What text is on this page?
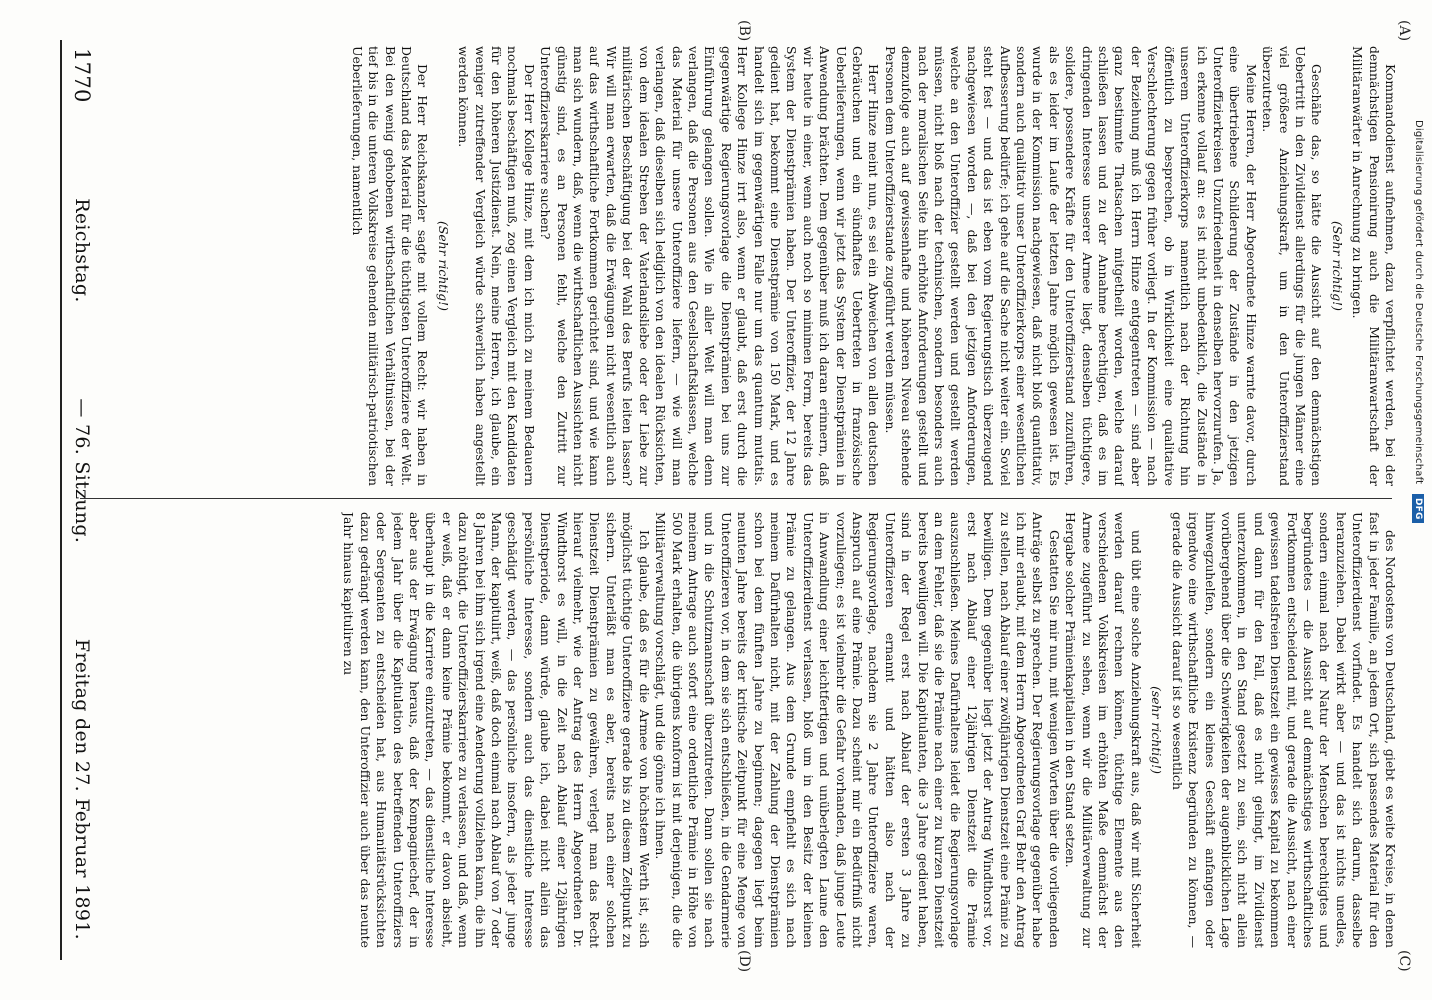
(A)
(B)
(C)
(D)

Kommandodienst aufnehmen, dazu verpflichtet werden, bei der demnächstigen Pensionirung auch die Militäranwartschaft der Militäranwärter in Anrechnung zu bringen.

(Sehr richtig!)

Geschähe das, so hätte die Aussicht auf den demnächstigen Uebertritt in den Zivildienst allerdings für die jungen Männer eine viel größere Anziehungskraft, um in den Unteroffizierstand überzutreten.

Meine Herren, der Herr Abgeordnete Hinze warnte davor, durch eine übertriebene Schilderung der Zustände in den jetzigen Unteroffizierkreisen Unzufriedenheit in denselben hervorzurufen. Ja, ich erkenne vollauf an: es ist nicht unbedenklich, die Zustände in unserem Unteroffizierkorps namentlich nach der Richtung hin öffentlich zu besprechen, ob in Wirklichkeit eine qualitative Verschlechterung gegen früher vorliegt. In der Kommission — nach der Beziehung muß ich Herrn Hinze entgegentreten — sind aber ganz bestimmte Thatsachen mitgetheilt worden, welche darauf schließen lassen und zu der Annahme berechtigen, daß es im dringenden Interesse unserer Armee liegt, denselben tüchtigere, solidere, possendere Kräfte für den Unteroffizierstand zuzuführen, als es leider im Laufe der letzten Jahre möglich gewesen ist. Es wurde in der Kommission nachgewiesen, daß nicht bloß quantitativ, sondern auch qualitativ unser Unteroffizierkorps einer wesentlichen Aufbesserung bedürfe; ich gehe auf die Sache nicht weiter ein. Soviel steht fest — und das ist eben vom Regierungstisch überzeugend nachgewiesen worden —, daß bei den jetzigen Anforderungen, welche an den Unteroffizier gestellt werden und gestellt werden müssen, nicht bloß nach der technischen, sondern besonders auch nach der moralischen Seite hin erhöhte Anforderungen gestellt und demzufolge auch auf gewissenhafte und höheren Niveau stehende Personen dem Unteroffizierstande zugeführt werden müssen.

Herr Hinze meint nun, es sei ein Abweichen von allen deutschen Gebräuchen und ein sündhaftes Uebertreten in französische Ueberlieferungen, wenn wir jetzt das System der Dienstprämien in Anwendung brächten. Dem gegenüber muß ich daran erinnern, daß wir heute in einer, wenn auch noch so minimen Form, bereits das System der Dienstprämien haben. Der Unteroffizier, der 12 Jahre gedient hat, bekommt eine Dienstprämie von 150 Mark, und es handelt sich im gegenwärtigen Falle nur um das quantum mutatis. Herr Kollege Hinze irrt also, wenn er glaubt, daß erst durch die gegenwärtige Regierungsvorlage die Dienstprämien bei uns zur Einführung gelangen sollen. Wie in aller Welt will man denn verlangen, daß die Personen aus den Gesellschaftsklassen, welche das Material für unsere Unteroffiziere liefern, — wie will man verlangen, daß dieselben sich lediglich von den idealen Rücksichten, von dem idealen Streben der Vaterlandsliebe oder der Liebe zur militärischen Beschäftigung bei der Wahl des Berufs leiten lassen? Wir will man erwarten, daß die Erwägungen nicht wesentlich auch auf das wirthschaftliche Fortkommen gerichtet sind, und wie kann man sich wundern, daß, wenn die wirthschaftlichen Aussichten nicht günstig sind, es an Personen fehlt, welche den Zutritt zur Unteroffizierskarriere suchen?

Der Herr Kollege Hinze, mit dem ich mich zu meinem Bedauern nochmals beschäftigen muß, zog einen Vergleich mit den Kandidaten für den höheren Justizdienst. Nein, meine Herren, ich glaube, ein weniger zutreffender Vergleich würde schwerlich haben angestellt werden können.

(Sehr richtig!)

Der Herr Reichskanzler sagte mit vollem Recht: wir haben in Deutschland das Material für die tüchtigsten Unteroffiziere der Welt. Bei den wenig gehobenen wirthschaftlichen Verhältnissen, bei der tief bis in die unteren Volkskreise gehenden militärisch-patriotischen Ueberlieferungen, namentlich

des Nordostens von Deutschland, giebt es weite Kreise, in denen fast in jeder Familie, an jedem Ort, sich passendes Material für den Unteroffizierdienst vorfindet. Es handelt sich darum, dasselbe heranzuziehen. Dabei wirkt aber — und das ist nichts unedles, sondern einmal nach der Natur der Menschen berechtigtes und begründetes — die Aussicht auf demnächstiges wirthschaftliches Fortkommen entscheidend mit, und gerade die Aussicht, nach einer gewissen tadelsfreien Dienstzeit ein gewisses Kapital zu bekommen und dann für den Fall, daß es nicht gelingt, im Zivildienst unterzukommen, in den Stand gesetzt zu sein, sich nicht allein vorübergehend über die Schwierigkeiten der augenblicklichen Lage hinwegzuhelfen, sondern ein kleines Geschäft anfangen oder irgendwo eine wirthschaftliche Existenz begründen zu können, — gerade die Aussicht darauf ist so wesentlich

(sehr richtig!)

und übt eine solche Anziehungskraft aus, daß wir mit Sicherheit werden darauf rechnen können, tüchtige Elemente aus den verschiedenen Volkskreisen im erhöhten Maße demnächst der Armee zugeführt zu sehen, wenn wir die Militärverwaltung zur Hergabe solcher Prämienkapitalien in den Stand setzen.

Gestatten Sie mir nun, mit wenigen Worten über die vorliegenden Anträge selbst zu sprechen. Der Regierungsvorlage gegenüber habe ich mir erlaubt, mit dem Herrn Abgeordneten Graf Behr den Antrag zu stellen, nach Ablauf einer zwölfjährigen Dienstzeit eine Prämie zu bewilligen. Dem gegenüber liegt jetzt der Antrag Windthorst vor, erst nach Ablauf einer 12jährigen Dienstzeit die Prämie auszuschließen. Meines Dafürhaltens leidet die Regierungsvorlage an dem Fehler, daß sie die Prämie nach einer zu kurzen Dienstzeit bereits bewilligen will. Die Kapitulanten, die 3 Jahre gedient haben, sind in der Regel erst nach Ablauf der ersten 3 Jahre zu Unteroffizieren ernannt und hätten also nach der Regierungsvorlage, nachdem sie 2 Jahre Unteroffiziere waren, Anspruch auf eine Prämie. Dazu scheint mir ein Bedürfniß nicht vorzuliegen; es ist vielmehr die Gefahr vorhanden, daß junge Leute in Anwandlung einer leichtfertigen und unüberlegten Laune den Unteroffizierdienst verlassen, bloß um in den Besitz der kleinen Prämie zu gelangen. Aus dem Grunde empfiehlt es sich nach meinem Dafürhalten nicht, mit der Zahlung der Dienstprämien schon bei dem fünften Jahre zu beginnen; dagegen liegt beim neunten Jahre bereits der kritische Zeitpunkt für eine Menge von Unteroffizieren vor, in dem sie sich entschließen, in die Gendarmerie und in die Schutzmannschaft überzutreten. Dann sollen sie nach meinem Antrage auch sofort eine ordentliche Prämie in Höhe von 500 Mark erhalten, die übrigens konform ist mit derjenigen, die die Militärverwaltung vorschlägt, und die gönne ich ihnen.

Ich glaube, daß es für die Armee von höchstem Werth ist, sich möglichst tüchtige Unteroffiziere gerade bis zu diesem Zeitpunkt zu sichern. Unterläßt man es aber, bereits nach einer solchen Dienstzeit Dienstprämien zu gewähren, verlegt man das Recht hierauf vielmehr, wie der Antrag des Herrn Abgeordneten Dr. Windthorst es will, in die Zeit nach Ablauf einer 12jährigen Dienstperiode, dann würde, glaube ich, dabei nicht allein das persönliche Interesse, sondern auch das dienstliche Interesse geschädigt werden, — das persönliche insofern, als jeder junge Mann, der kapitulirt, weiß, daß doch einmal nach Ablauf von 7 oder 8 Jahren bei ihm sich irgend eine Aenderung vollziehen kann, die ihn dazu nöthigt, die Unteroffizierskarriere zu verlassen, und daß, wenn er weiß, daß er dann keine Prämie bekommt, er davon absieht, überhaupt in die Karriere einzutreten, — das dienstliche Interesse aber aus der Erwägung heraus, daß der Kompagniechef, der in jedem Jahr über die Kapitulation des betreffenden Unteroffiziers oder Sergeanten zu entscheiden hat, aus Humanitätsrücksichten dazu gedrängt werden kann, den Unteroffizier auch über das neunte Jahr hinaus kapituliren zu

1770
Reichstag.
— 76. Sitzung.
Freitag den 27. Februar 1891.
Digitalisierung gefördert durch die Deutsche Forschungsgemeinschaft DFG
